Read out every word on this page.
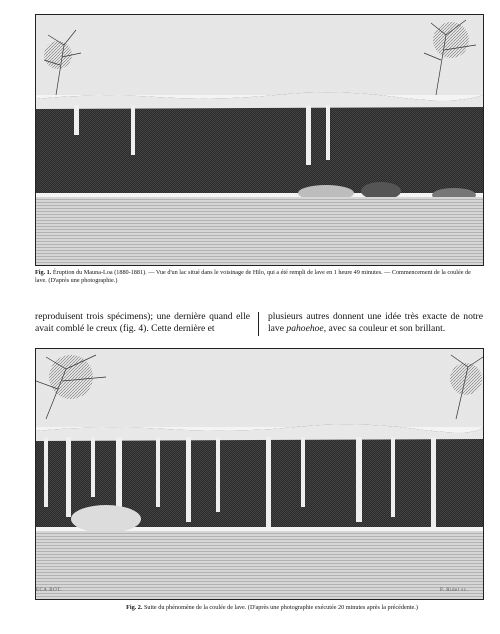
Fig. 1. Éruption du Mauna-Loa (1880-1881). — Vue d'un lac situé dans le voisinage de Hilo, qui a été rempli de lave en 1 heure 49 minutes. — Commencement de la coulée de lave. (D'après une photographie.)
reproduisent trois spécimens); une dernière quand elle avait comblé le creux (fig. 4). Cette dernière et
plusieurs autres donnent une idée très exacte de notre lave pahoehoe, avec sa couleur et son brillant.
ECA.BOT.	P. Ridel sc.
Fig. 2. Suite du phénomène de la coulée de lave. (D'après une photographie exécutée 20 minutes après la précédente.)
